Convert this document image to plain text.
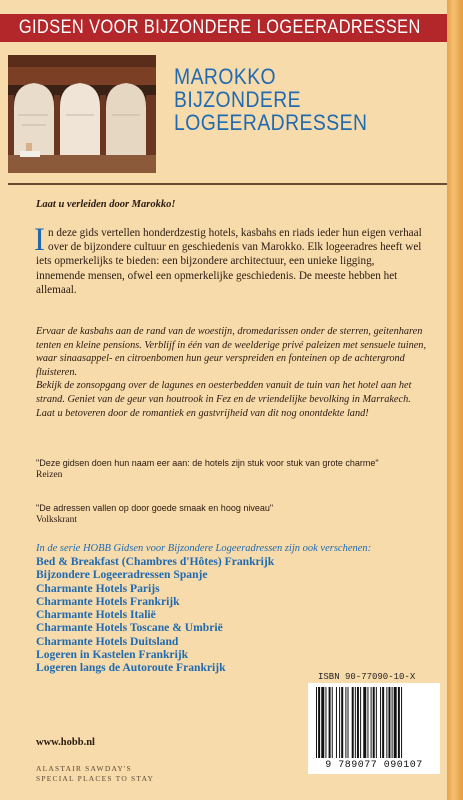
GIDSEN VOOR BIJZONDERE LOGEERADRESSEN
MAROKKO
BIJZONDERE
LOGEERADRESSEN
Laat u verleiden door Marokko!
In deze gids vertellen honderdzestig hotels, kasbahs en riads ieder hun eigen verhaal over de bijzondere cultuur en geschiedenis van Marokko. Elk logeeradres heeft wel iets opmerkelijks te bieden: een bijzondere architectuur, een unieke ligging, innemende mensen, ofwel een opmerkelijke geschiedenis. De meeste hebben het allemaal.
Ervaar de kasbahs aan de rand van de woestijn, dromedarissen onder de sterren, geitenharen tenten en kleine pensions. Verblijf in één van de weelderige privé paleizen met sensuele tuinen, waar sinaasappel- en citroenbomen hun geur verspreiden en fonteinen op de achtergrond fluisteren.
Bekijk de zonsopgang over de lagunes en oesterbedden vanuit de tuin van het hotel aan het strand. Geniet van de geur van houtrook in Fez en de vriendelijke bevolking in Marrakech.
Laat u betoveren door de romantiek en gastvrijheid van dit nog onontdekte land!
"Deze gidsen doen hun naam eer aan: de hotels zijn stuk voor stuk van grote charme"
Reizen
"De adressen vallen op door goede smaak en hoog niveau"
Volkskrant
In de serie HOBB Gidsen voor Bijzondere Logeeradressen zijn ook verschenen:
Bed & Breakfast (Chambres d'Hôtes) Frankrijk
Bijzondere Logeeradressen Spanje
Charmante Hotels Parijs
Charmante Hotels Frankrijk
Charmante Hotels Italië
Charmante Hotels Toscane & Umbrië
Charmante Hotels Duitsland
Logeren in Kastelen Frankrijk
Logeren langs de Autoroute Frankrijk
www.hobb.nl
ALASTAIR SAWDAY'S
SPECIAL PLACES TO STAY
ISBN 90-77090-10-X
9 789077 090107
